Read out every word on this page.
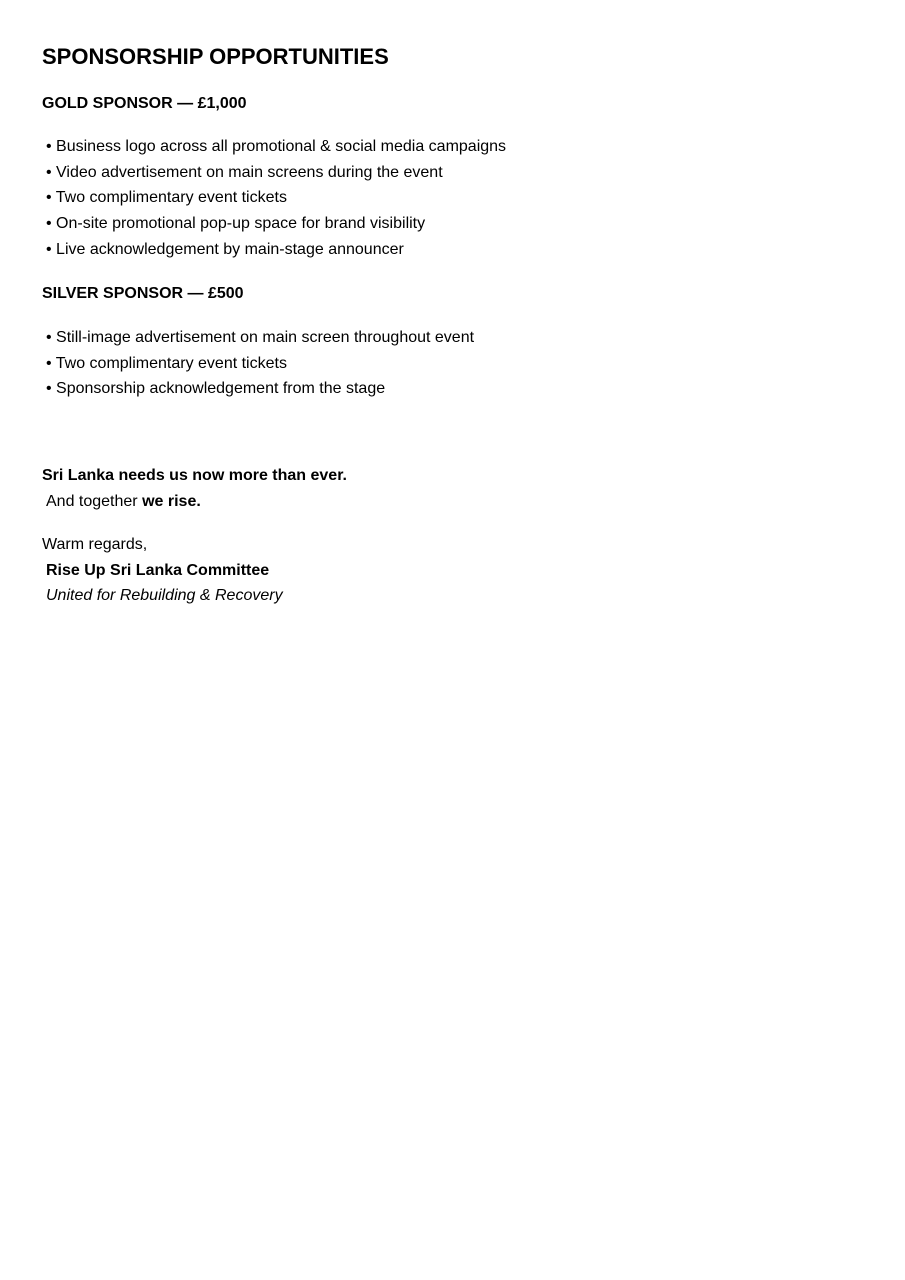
SPONSORSHIP OPPORTUNITIES
GOLD SPONSOR — £1,000
• Business logo across all promotional & social media campaigns
• Video advertisement on main screens during the event
• Two complimentary event tickets
• On-site promotional pop-up space for brand visibility
• Live acknowledgement by main-stage announcer
SILVER SPONSOR — £500
• Still-image advertisement on main screen throughout event
• Two complimentary event tickets
• Sponsorship acknowledgement from the stage
Sri Lanka needs us now more than ever.
And together we rise.
Warm regards,
Rise Up Sri Lanka Committee
United for Rebuilding & Recovery
